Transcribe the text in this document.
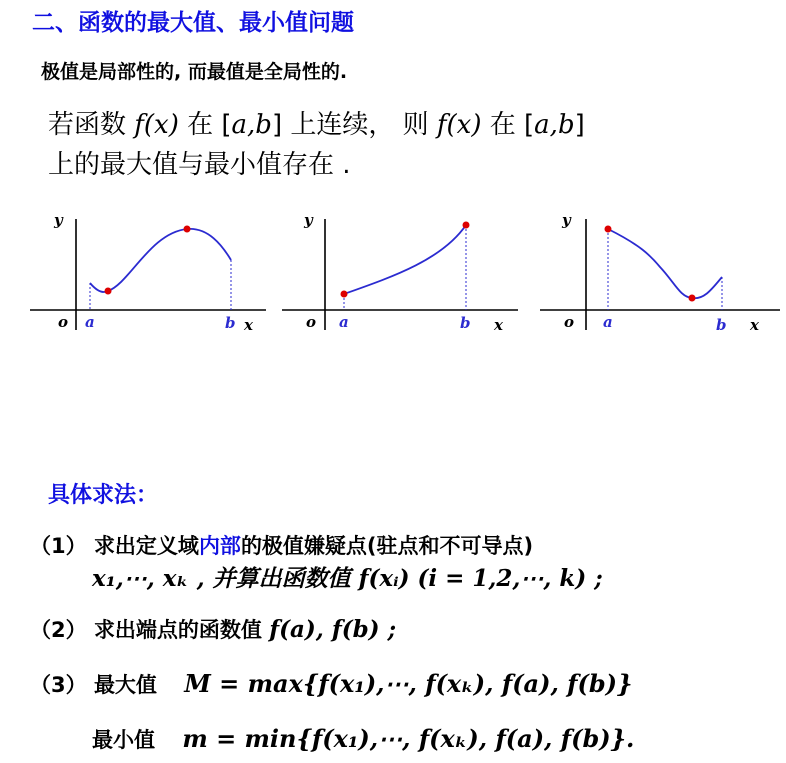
二、函数的最大值、最小值问题
极值是局部性的, 而最值是全局性的.
若函数 f(x) 在 [a,b] 上连续， 则 f(x) 在 [a,b]
上的最大值与最小值存在 .
y
o a	b x
y
o a	b x
y
o a	b x
具体求法：
（1） 求出定义域内部的极值嫌疑点(驻点和不可导点)
x₁,⋯, xₖ , 并算出函数值 f(xᵢ) (i = 1,2,⋯, k) ;
（2） 求出端点的函数值 f(a), f(b) ;
（3） 最大值 M = max{f(x₁),⋯, f(xₖ), f(a), f(b)}
最小值 m = min{f(x₁),⋯, f(xₖ), f(a), f(b)}.
